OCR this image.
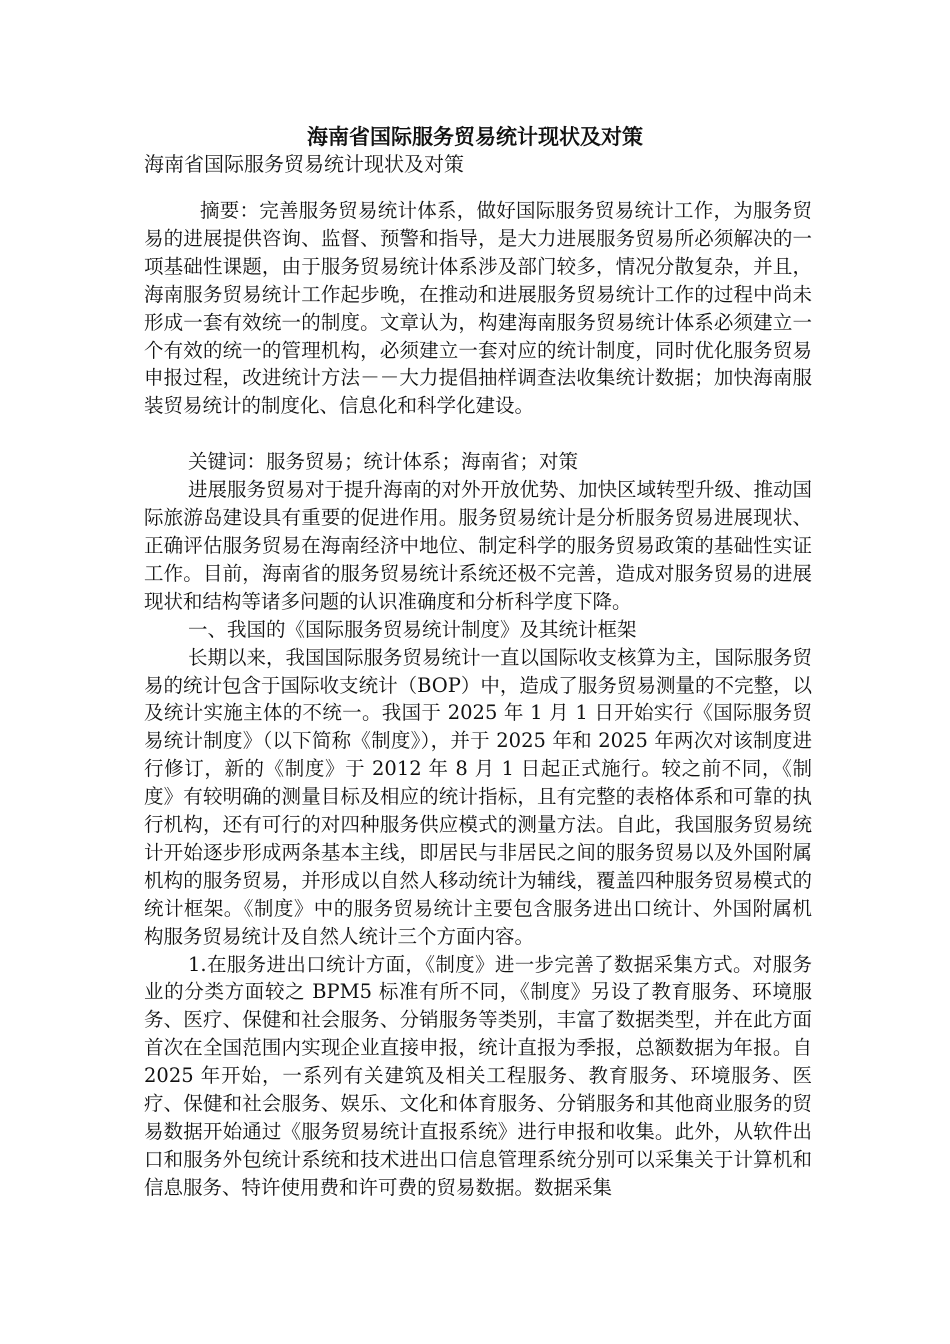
海南省国际服务贸易统计现状及对策
海南省国际服务贸易统计现状及对策

摘要：完善服务贸易统计体系，做好国际服务贸易统计工作，为服务贸易的进展提供咨询、监督、预警和指导，是大力进展服务贸易所必须解决的一项基础性课题，由于服务贸易统计体系涉及部门较多，情况分散复杂，并且，海南服务贸易统计工作起步晚，在推动和进展服务贸易统计工作的过程中尚未形成一套有效统一的制度。文章认为，构建海南服务贸易统计体系必须建立一个有效的统一的管理机构，必须建立一套对应的统计制度，同时优化服务贸易申报过程，改进统计方法－－大力提倡抽样调查法收集统计数据；加快海南服装贸易统计的制度化、信息化和科学化建设。

关键词：服务贸易；统计体系；海南省；对策

进展服务贸易对于提升海南的对外开放优势、加快区域转型升级、推动国际旅游岛建设具有重要的促进作用。服务贸易统计是分析服务贸易进展现状、正确评估服务贸易在海南经济中地位、制定科学的服务贸易政策的基础性实证工作。目前，海南省的服务贸易统计系统还极不完善，造成对服务贸易的进展现状和结构等诸多问题的认识准确度和分析科学度下降。

一、我国的《国际服务贸易统计制度》及其统计框架

长期以来，我国国际服务贸易统计一直以国际收支核算为主，国际服务贸易的统计包含于国际收支统计（BOP）中，造成了服务贸易测量的不完整，以及统计实施主体的不统一。我国于 2025 年 1 月 1 日开始实行《国际服务贸易统计制度》（以下简称《制度》），并于 2025 年和 2025 年两次对该制度进行修订，新的《制度》于 2012 年 8 月 1 日起正式施行。较之前不同，《制度》有较明确的测量目标及相应的统计指标，且有完整的表格体系和可靠的执行机构，还有可行的对四种服务供应模式的测量方法。自此，我国服务贸易统计开始逐步形成两条基本主线，即居民与非居民之间的服务贸易以及外国附属机构的服务贸易，并形成以自然人移动统计为辅线，覆盖四种服务贸易模式的统计框架。《制度》中的服务贸易统计主要包含服务进出口统计、外国附属机构服务贸易统计及自然人统计三个方面内容。

1.在服务进出口统计方面，《制度》进一步完善了数据采集方式。对服务业的分类方面较之 BPM5 标准有所不同，《制度》另设了教育服务、环境服务、医疗、保健和社会服务、分销服务等类别，丰富了数据类型，并在此方面首次在全国范围内实现企业直接申报，统计直报为季报，总额数据为年报。自 2025 年开始，一系列有关建筑及相关工程服务、教育服务、环境服务、医疗、保健和社会服务、娱乐、文化和体育服务、分销服务和其他商业服务的贸易数据开始通过《服务贸易统计直报系统》进行申报和收集。此外，从软件出口和服务外包统计系统和技术进出口信息管理系统分别可以采集关于计算机和信息服务、特许使用费和许可费的贸易数据。数据采集
